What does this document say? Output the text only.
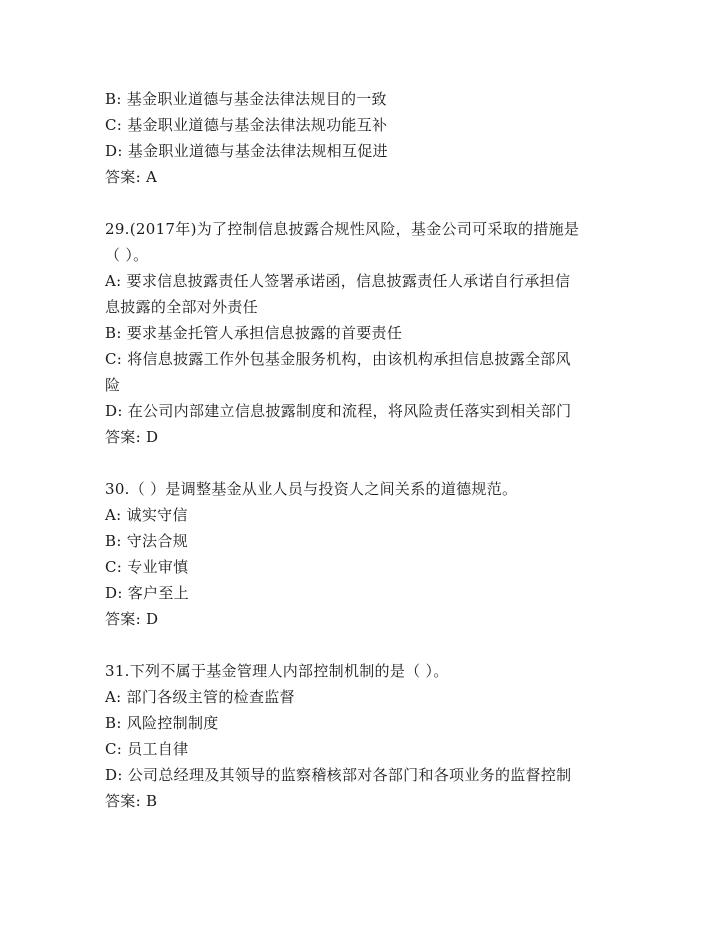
B: 基金职业道德与基金法律法规目的一致
C: 基金职业道德与基金法律法规功能互补
D: 基金职业道德与基金法律法规相互促进
答案: A
29.(2017年)为了控制信息披露合规性风险，基金公司可采取的措施是
（ ）。
A: 要求信息披露责任人签署承诺函，信息披露责任人承诺自行承担信
息披露的全部对外责任
B: 要求基金托管人承担信息披露的首要责任
C: 将信息披露工作外包基金服务机构，由该机构承担信息披露全部风
险
D: 在公司内部建立信息披露制度和流程，将风险责任落实到相关部门
答案: D
30.（ ）是调整基金从业人员与投资人之间关系的道德规范。
A: 诚实守信
B: 守法合规
C: 专业审慎
D: 客户至上
答案: D
31.下列不属于基金管理人内部控制机制的是（ ）。
A: 部门各级主管的检查监督
B: 风险控制制度
C: 员工自律
D: 公司总经理及其领导的监察稽核部对各部门和各项业务的监督控制
答案: B
